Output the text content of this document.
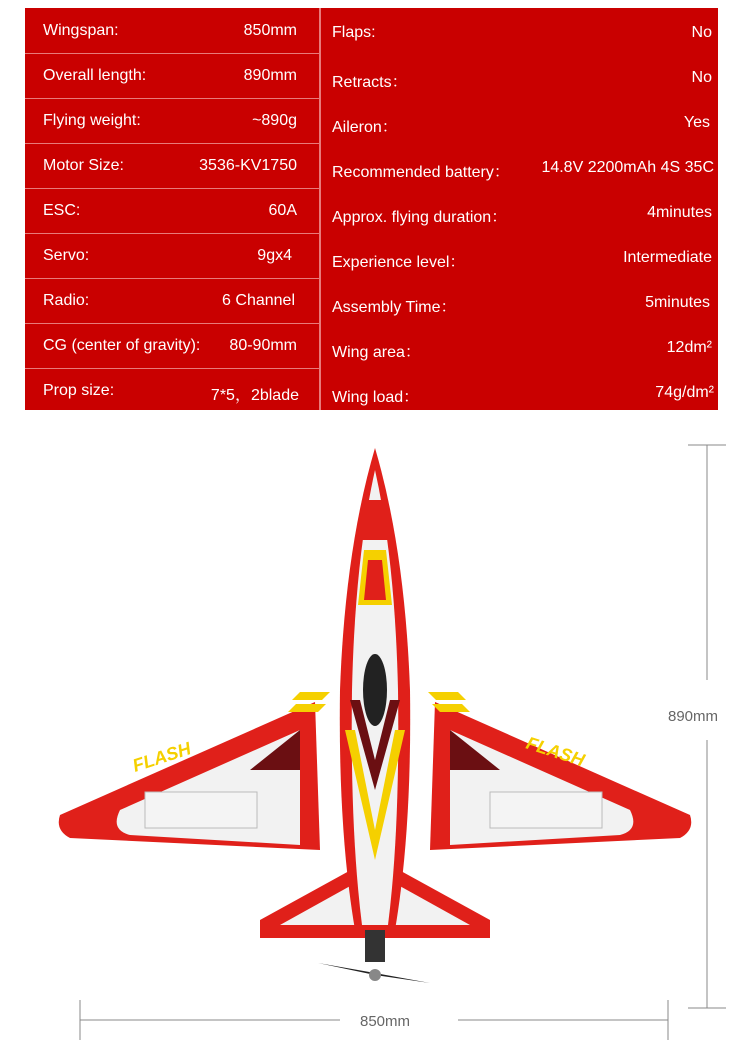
Wingspan:	850mm
Overall length:	890mm
Flying weight:	~890g
Motor Size:	3536-KV1750
ESC:	60A
Servo:	9gx4
Radio:	6 Channel
CG (center of gravity): 80-90mm
Prop size:	7*5，2blade
Flaps:	No
Retracts：	No
Aileron：	Yes
Recommended battery： 14.8V 2200mAh 4S 35C
Approx. flying duration：	4minutes
Experience level：	Intermediate
Assembly Time：	5minutes
Wing area：	12dm²
Wing load：	74g/dm²
FLASH	FLASH
850mm
890mm
